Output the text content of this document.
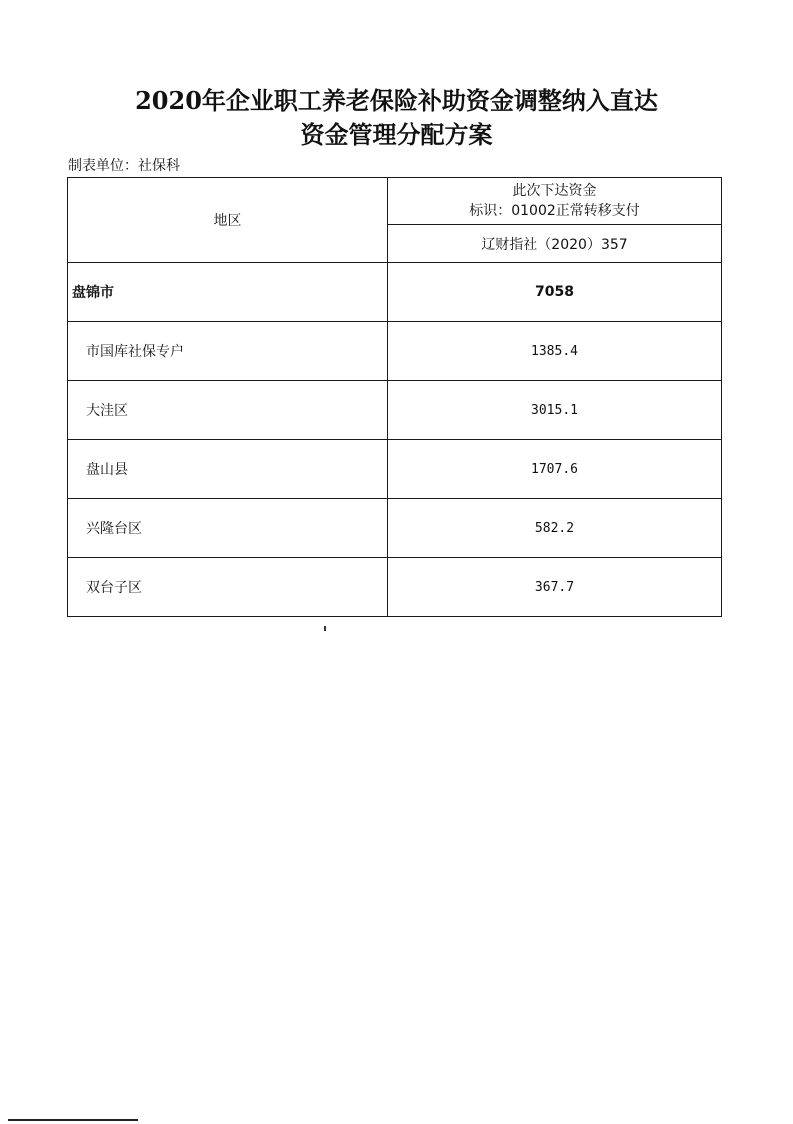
2020年企业职工养老保险补助资金调整纳入直达
资金管理分配方案
制表单位：社保科
地区	此次下达资金
标识：01002正常转移支付

	辽财指社（2020）357
盘锦市	7058
市国库社保专户	1385.4
大洼区	3015.1
盘山县	1707.6
兴隆台区	582.2
双台子区	367.7
